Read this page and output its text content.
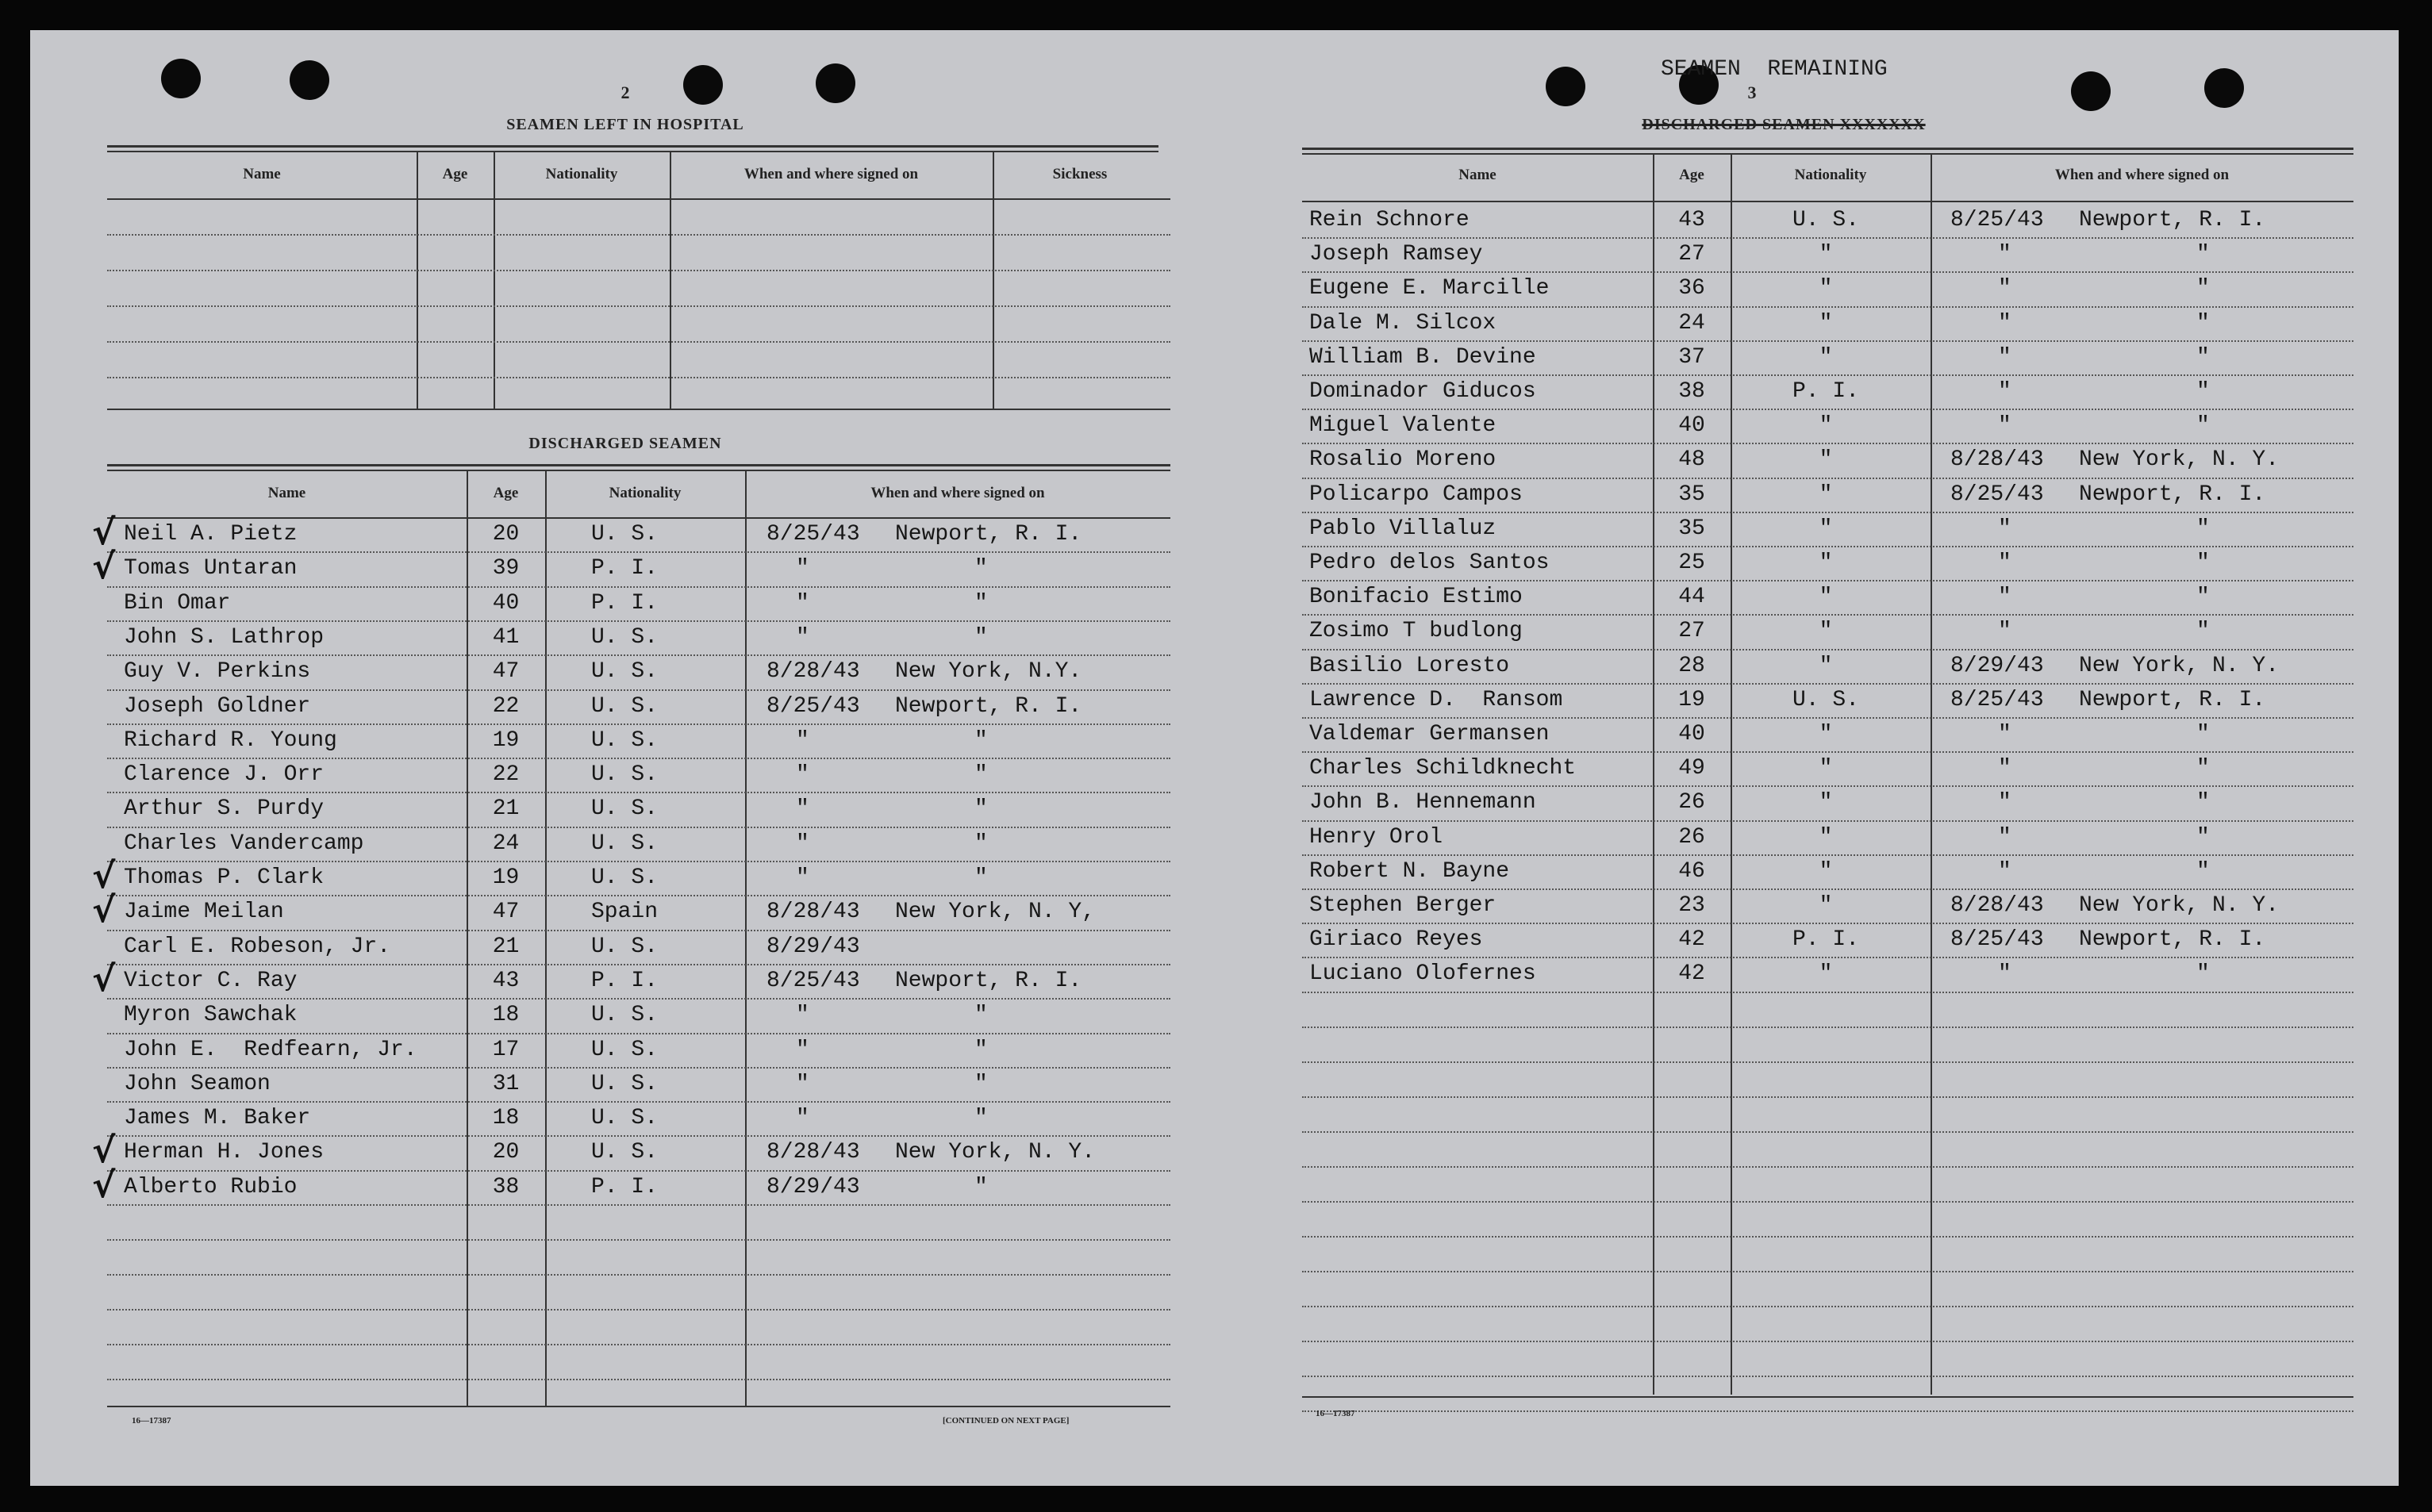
2
SEAMEN LEFT IN HOSPITAL
Name	Age	Nationality	When and where signed on	Sickness
DISCHARGED SEAMEN
Name	Age	Nationality	When and where signed on
Neil A. Pietz	20	U. S.	8/25/43 Newport, R. I.
√
Tomas Untaran	39	P. I.	"	"
√
Bin Omar	40	P. I.	"	"
John S. Lathrop	41	U. S.	"	"
Guy V. Perkins	47	U. S.	8/28/43 New York, N.Y.
Joseph Goldner	22	U. S.	8/25/43 Newport, R. I.
Richard R. Young	19	U. S.	"	"
Clarence J. Orr	22	U. S.	"	"
Arthur S. Purdy	21	U. S.	"	"
Charles Vandercamp	24	U. S.	"	"
Thomas P. Clark	19	U. S.	"	"
√
Jaime Meilan	47	Spain	8/28/43 New York, N. Y,
√
Carl E. Robeson, Jr.	21	U. S.	8/29/43
Victor C. Ray	43	P. I.	8/25/43 Newport, R. I.
√
Myron Sawchak	18	U. S.	"	"
John E.  Redfearn, Jr.	17	U. S.	"	"
John Seamon	31	U. S.	"	"
James M. Baker	18	U. S.	"	"
Herman H. Jones	20	U. S.	8/28/43 New York, N. Y.
√
Alberto Rubio	38	P. I.	8/29/43	"
√
16—17387	[CONTINUED ON NEXT PAGE]
SEAMEN  REMAINING
3
DISCHARGED SEAMEN XXXXXXX
Name	Age	Nationality	When and where signed on
Rein Schnore	43	U. S.	8/25/43 Newport, R. I.
Joseph Ramsey	27	"	"	"
Eugene E. Marcille	36	"	"	"
Dale M. Silcox	24	"	"	"
William B. Devine	37	"	"	"
Dominador Giducos	38	P. I.	"	"
Miguel Valente	40	"	"	"
Rosalio Moreno	48	"	8/28/43 New York, N. Y.
Policarpo Campos	35	"	8/25/43 Newport, R. I.
Pablo Villaluz	35	"	"	"
Pedro delos Santos	25	"	"	"
Bonifacio Estimo	44	"	"	"
Zosimo T budlong	27	"	"	"
Basilio Loresto	28	"	8/29/43 New York, N. Y.
Lawrence D.  Ransom	19	U. S.	8/25/43 Newport, R. I.
Valdemar Germansen	40	"	"	"
Charles Schildknecht	49	"	"	"
John B. Hennemann	26	"	"	"
Henry Orol	26	"	"	"
Robert N. Bayne	46	"	"	"
Stephen Berger	23	"	8/28/43 New York, N. Y.
Giriaco Reyes	42	P. I.	8/25/43 Newport, R. I.
Luciano Olofernes	42	"	"	"
16—17387
